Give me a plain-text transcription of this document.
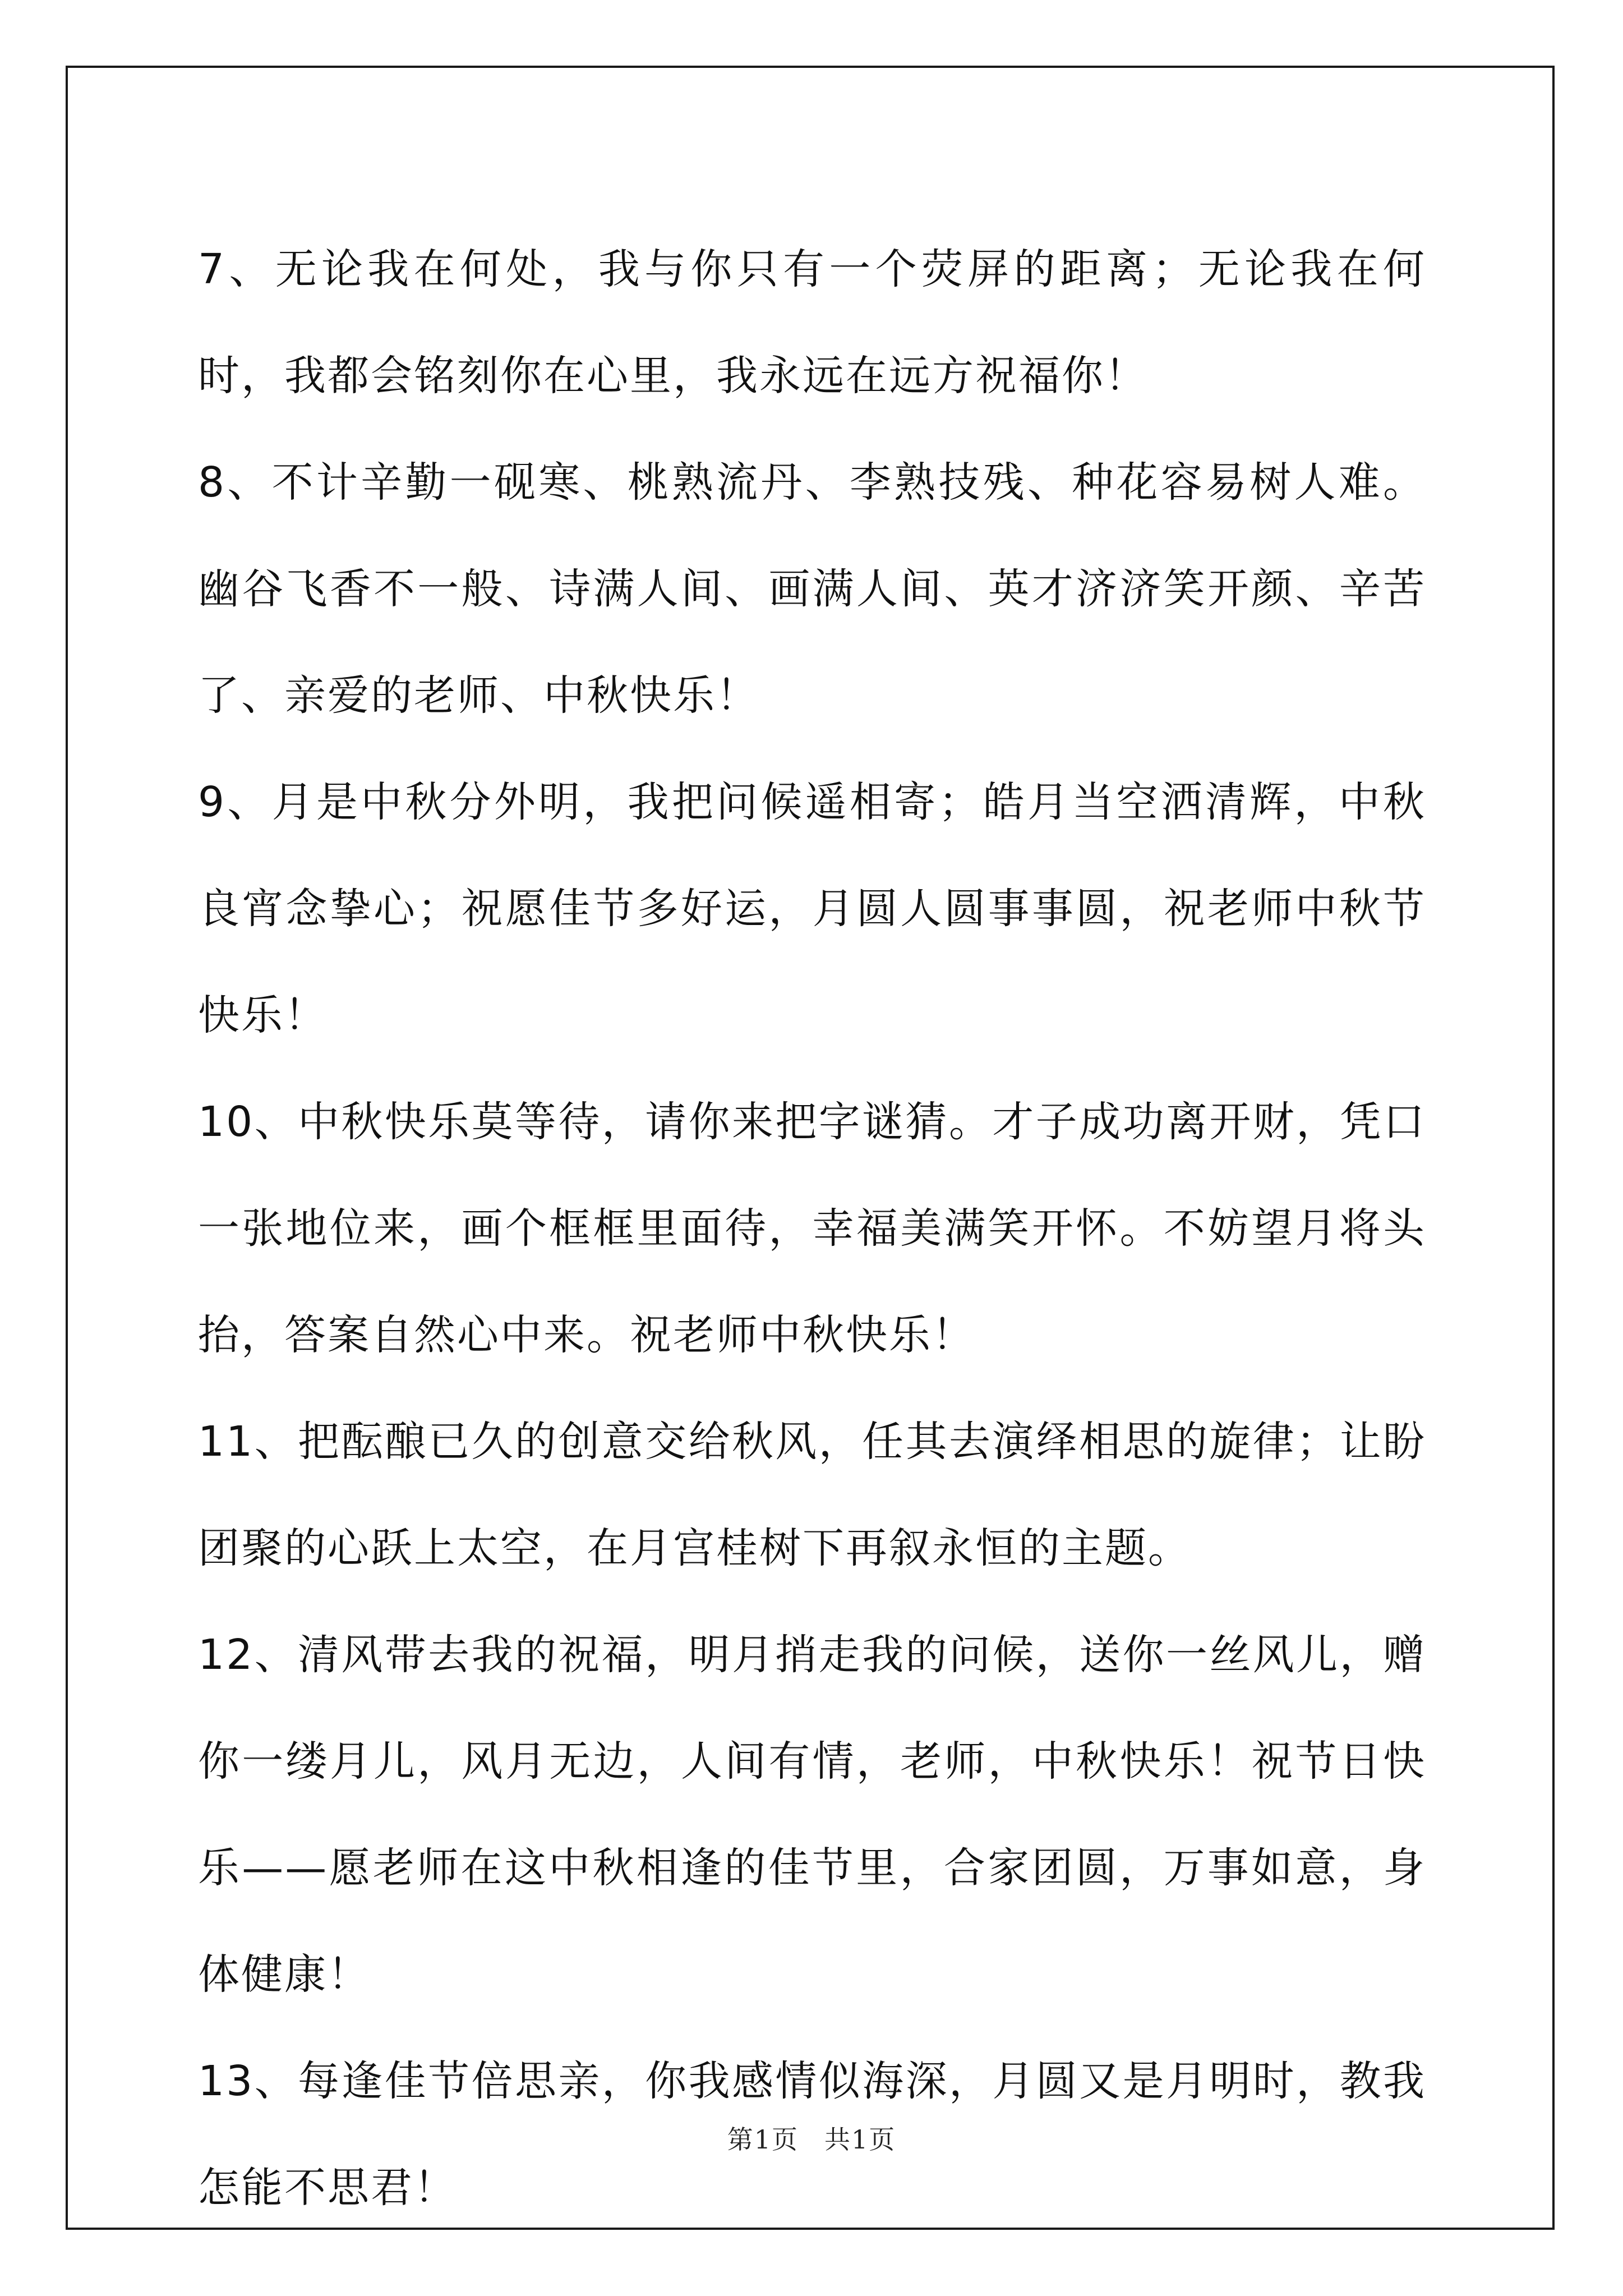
7、无论我在何处，我与你只有一个荧屏的距离；无论我在何时，我都会铭刻你在心里，我永远在远方祝福你！

8、不计辛勤一砚寒、桃熟流丹、李熟技残、种花容易树人难。幽谷飞香不一般、诗满人间、画满人间、英才济济笑开颜、辛苦了、亲爱的老师、中秋快乐！

9、月是中秋分外明，我把问候遥相寄；皓月当空洒清辉，中秋良宵念挚心；祝愿佳节多好运，月圆人圆事事圆，祝老师中秋节快乐！

10、中秋快乐莫等待，请你来把字谜猜。才子成功离开财，凭口一张地位来，画个框框里面待，幸福美满笑开怀。不妨望月将头抬，答案自然心中来。祝老师中秋快乐！

11、把酝酿已久的创意交给秋风，任其去演绎相思的旋律；让盼团聚的心跃上太空，在月宫桂树下再叙永恒的主题。

12、清风带去我的祝福，明月捎走我的问候，送你一丝风儿，赠你一缕月儿，风月无边，人间有情，老师，中秋快乐！祝节日快乐——愿老师在这中秋相逢的佳节里，合家团圆，万事如意，身体健康！

13、每逢佳节倍思亲，你我感情似海深，月圆又是月明时，教我怎能不思君！

第1页 共1页
